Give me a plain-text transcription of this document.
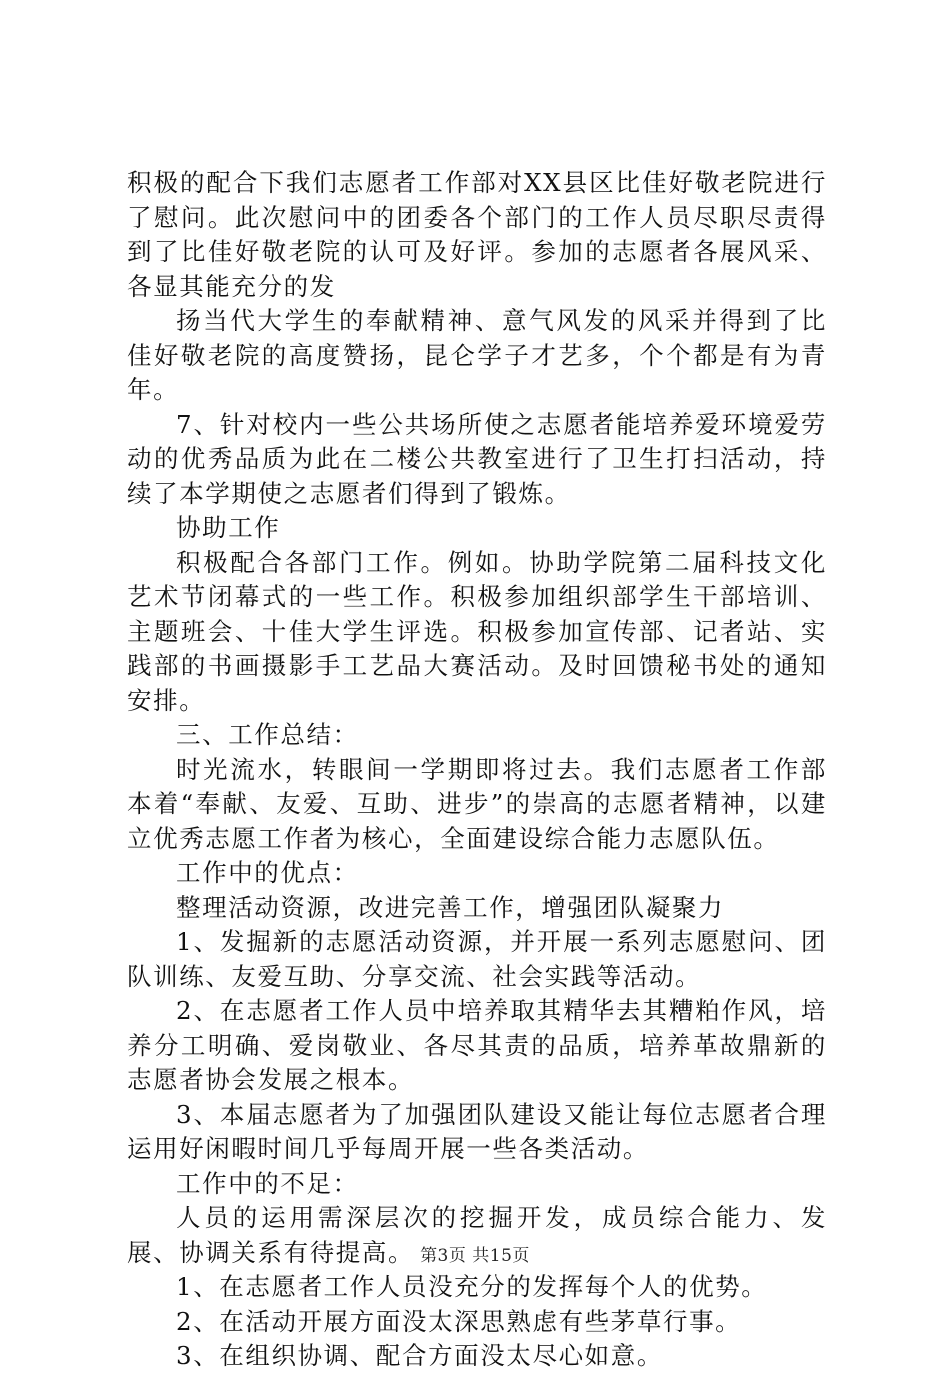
积极的配合下我们志愿者工作部对XX县区比佳好敬老院进行了慰问。此次慰问中的团委各个部门的工作人员尽职尽责得到了比佳好敬老院的认可及好评。参加的志愿者各展风采、各显其能充分的发

扬当代大学生的奉献精神、意气风发的风采并得到了比佳好敬老院的高度赞扬，昆仑学子才艺多，个个都是有为青年。

7、针对校内一些公共场所使之志愿者能培养爱环境爱劳动的优秀品质为此在二楼公共教室进行了卫生打扫活动，持续了本学期使之志愿者们得到了锻炼。

协助工作

积极配合各部门工作。例如。协助学院第二届科技文化艺术节闭幕式的一些工作。积极参加组织部学生干部培训、主题班会、十佳大学生评选。积极参加宣传部、记者站、实践部的书画摄影手工艺品大赛活动。及时回馈秘书处的通知安排。

三、工作总结：

时光流水，转眼间一学期即将过去。我们志愿者工作部本着“奉献、友爱、互助、进步”的崇高的志愿者精神，以建立优秀志愿工作者为核心，全面建设综合能力志愿队伍。

工作中的优点：

整理活动资源，改进完善工作，增强团队凝聚力

1、发掘新的志愿活动资源，并开展一系列志愿慰问、团队训练、友爱互助、分享交流、社会实践等活动。

2、在志愿者工作人员中培养取其精华去其糟粕作风，培养分工明确、爱岗敬业、各尽其责的品质，培养革故鼎新的志愿者协会发展之根本。

3、本届志愿者为了加强团队建设又能让每位志愿者合理运用好闲暇时间几乎每周开展一些各类活动。

工作中的不足：

人员的运用需深层次的挖掘开发，成员综合能力、发展、协调关系有待提高。

1、在志愿者工作人员没充分的发挥每个人的优势。

2、在活动开展方面没太深思熟虑有些茅草行事。

3、在组织协调、配合方面没太尽心如意。

第3页 共15页
